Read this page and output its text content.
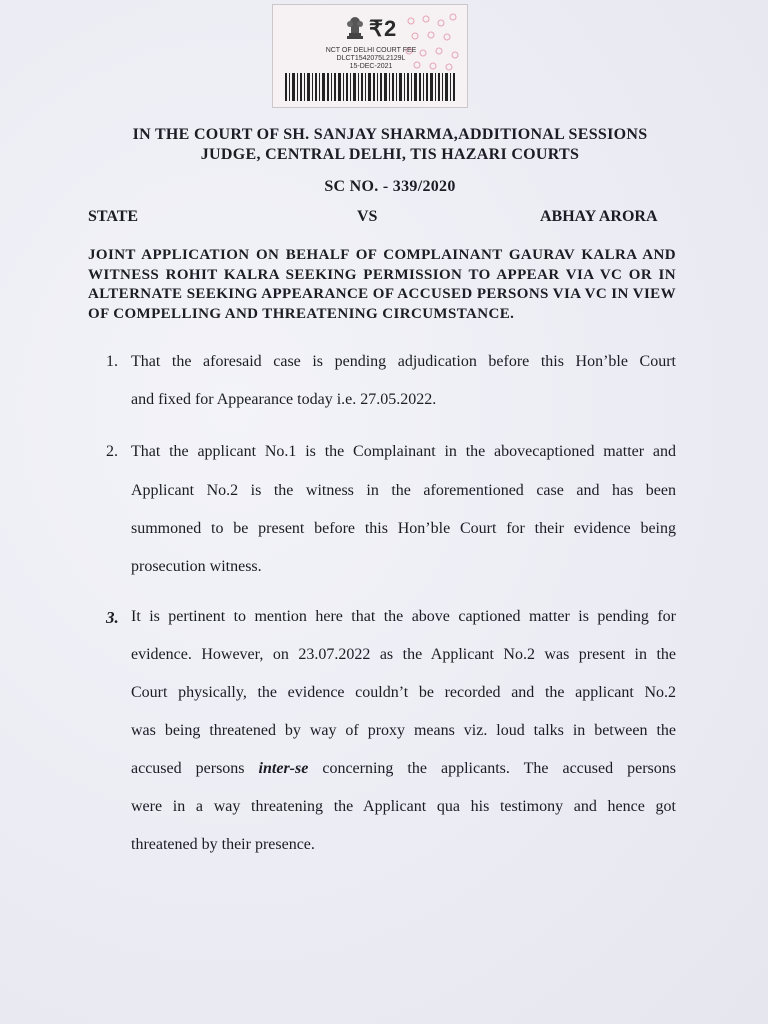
₹2
NCT OF DELHI COURT FEE
DLCT1542075L2129L
15-DEC-2021
IN THE COURT OF SH. SANJAY SHARMA,ADDITIONAL SESSIONS
JUDGE, CENTRAL DELHI, TIS HAZARI COURTS
SC NO. - 339/2020
STATE	VS	ABHAY ARORA
JOINT APPLICATION ON BEHALF OF COMPLAINANT GAURAV KALRA AND WITNESS ROHIT KALRA SEEKING PERMISSION TO APPEAR VIA VC OR IN ALTERNATE SEEKING APPEARANCE OF ACCUSED PERSONS VIA VC IN VIEW OF COMPELLING AND THREATENING CIRCUMSTANCE.
1. That the aforesaid case is pending adjudication before this Hon’ble Court
and fixed for Appearance today i.e. 27.05.2022.
2. That the applicant No.1 is the Complainant in the abovecaptioned matter and
Applicant No.2 is the witness in the aforementioned case and has been
summoned to be present before this Hon’ble Court for their evidence being
prosecution witness.
3. It is pertinent to mention here that the above captioned matter is pending for
evidence. However, on 23.07.2022 as the Applicant No.2 was present in the
Court physically, the evidence couldn’t be recorded and the applicant No.2
was being threatened by way of proxy means viz. loud talks in between the
accused persons inter-se concerning the applicants. The accused persons
were in a way threatening the Applicant qua his testimony and hence got
threatened by their presence.
